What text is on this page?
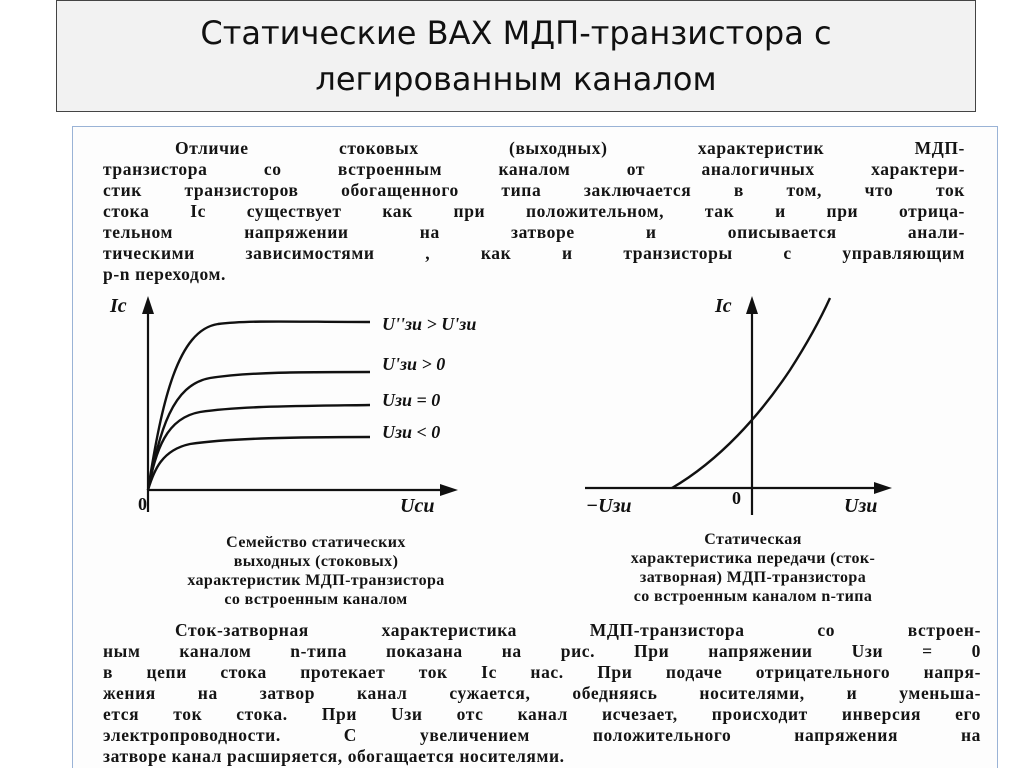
Статические ВАХ МДП-транзистора с
легированным каналом
Отличие стоковых (выходных) характеристик МДП-
транзистора со встроенным каналом от аналогичных характери-
стик транзисторов обогащенного типа заключается в том, что ток
стока Iс существует как при положительном, так и при отрица-
тельном напряжении на затворе и описывается анали-
тическими зависимостями , как и транзисторы с управляющим
p-n переходом.
Iс
0	Uси
U''зи > U'зи
U'зи > 0
Uзи = 0
Uзи < 0
Iс
0
−Uзи	Uзи
Семейство статических
выходных (стоковых)
характеристик МДП-транзистора
со встроенным каналом
Статическая
характеристика передачи (сток-
затворная) МДП-транзистора
со встроенным каналом n-типа
Сток-затворная характеристика МДП-транзистора со встроен-
ным каналом n-типа показана на рис. При напряжении Uзи = 0
в цепи стока протекает ток Iс нас. При подаче отрицательного напря-
жения на затвор канал сужается, обедняясь носителями, и уменьша-
ется ток стока. При Uзи отс канал исчезает, происходит инверсия его
электропроводности. С увеличением положительного напряжения на
затворе канал расширяется, обогащается носителями.
